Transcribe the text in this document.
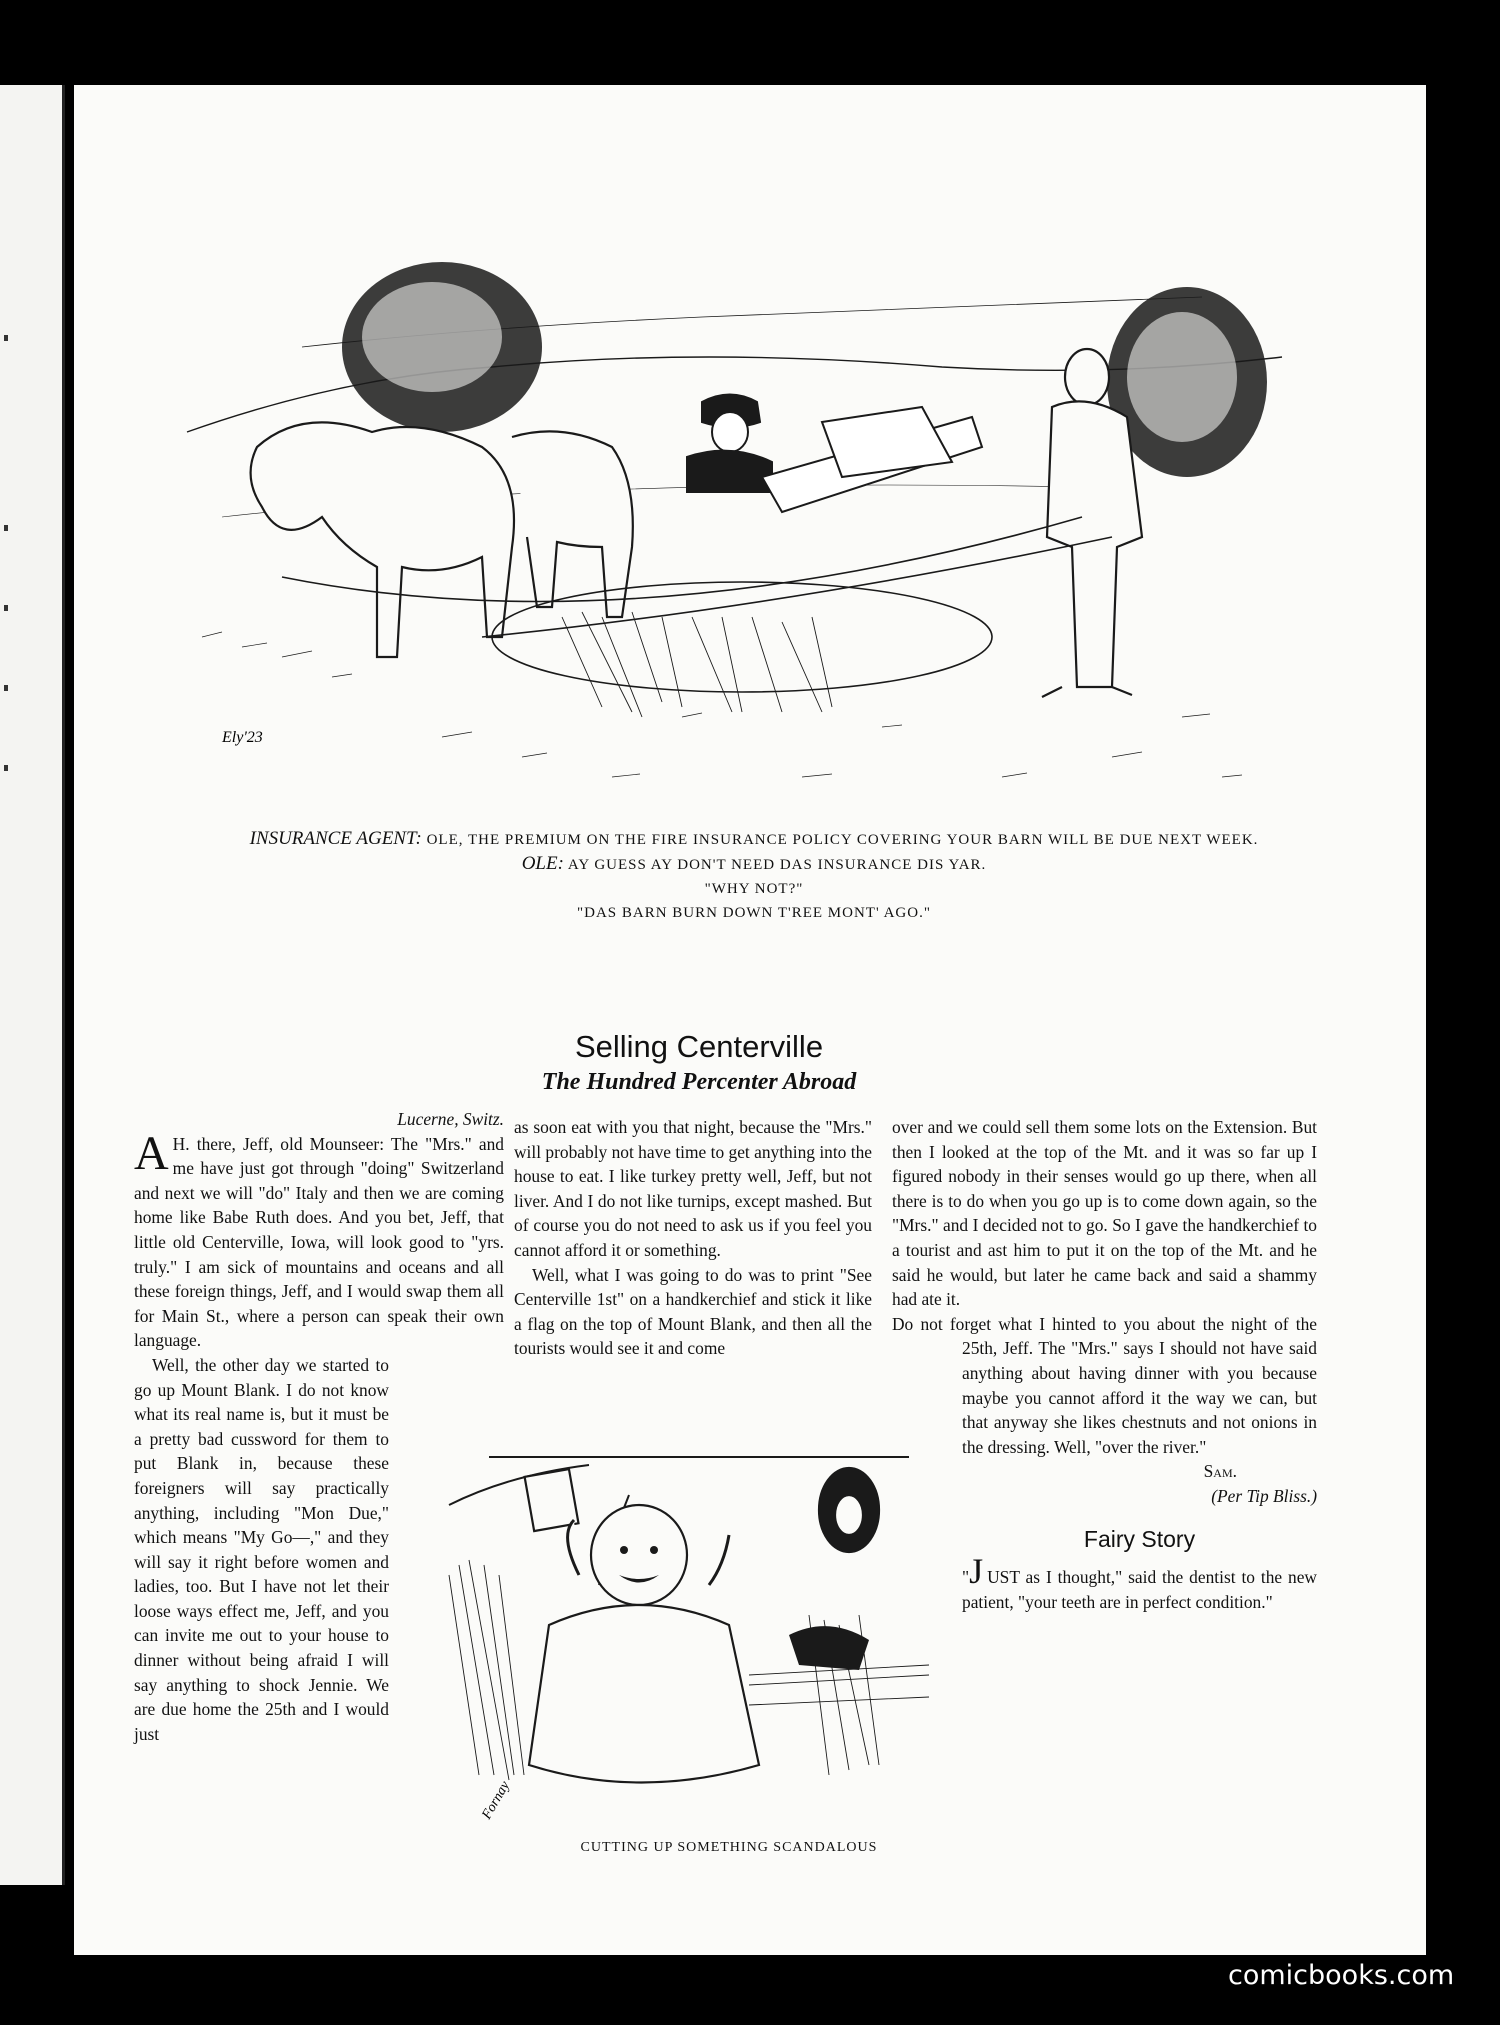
13
Ely'23
INSURANCE AGENT: OLE, THE PREMIUM ON THE FIRE INSURANCE POLICY COVERING YOUR BARN WILL BE DUE NEXT WEEK.
OLE: AY GUESS AY DON'T NEED DAS INSURANCE DIS YAR.
"WHY NOT?"
"DAS BARN BURN DOWN T'REE MONT' AGO."
Selling Centerville
The Hundred Percenter Abroad
Lucerne, Switz.

A H. there, Jeff, old Mounseer: The "Mrs." and me have just got through "doing" Switzerland and next we will "do" Italy and then we are coming home like Babe Ruth does. And you bet, Jeff, that little old Centerville, Iowa, will look good to "yrs. truly." I am sick of mountains and oceans and all these foreign things, Jeff, and I would swap them all for Main St., where a person can speak their own language.

Well, the other day we started to go up Mount Blank. I do not know what its real name is, but it must be a pretty bad cussword for them to put Blank in, because these foreigners will say practically anything, including "Mon Due," which means "My Go—," and they will say it right before women and ladies, too. But I have not let their loose ways effect me, Jeff, and you can invite me out to your house to dinner without being afraid I will say anything to shock Jennie. We are due home the 25th and I would just

as soon eat with you that night, because the "Mrs." will probably not have time to get anything into the house to eat. I like turkey pretty well, Jeff, but not liver. And I do not like turnips, except mashed. But of course you do not need to ask us if you feel you cannot afford it or something.

Well, what I was going to do was to print "See Centerville 1st" on a handkerchief and stick it like a flag on the top of Mount Blank, and then all the tourists would see it and come

Fornay
CUTTING UP SOMETHING SCANDALOUS

over and we could sell them some lots on the Extension. But then I looked at the top of the Mt. and it was so far up I figured nobody in their senses would go up there, when all there is to do when you go up is to come down again, so the "Mrs." and I decided not to go. So I gave the handkerchief to a tourist and ast him to put it on the top of the Mt. and he said he would, but later he came back and said a shammy had ate it.

Do not forget what I hinted to you about the night of the 25th, Jeff. The "Mrs." says I should not have said anything about having dinner with you because maybe you cannot afford it the way we can, but that anyway she likes chestnuts and not onions in the dressing. Well, "over the river."

Sam.
(Per Tip Bliss.)
Fairy Story

"J UST as I thought," said the dentist to the new patient, "your teeth are in perfect condition."

comicbooks.com
